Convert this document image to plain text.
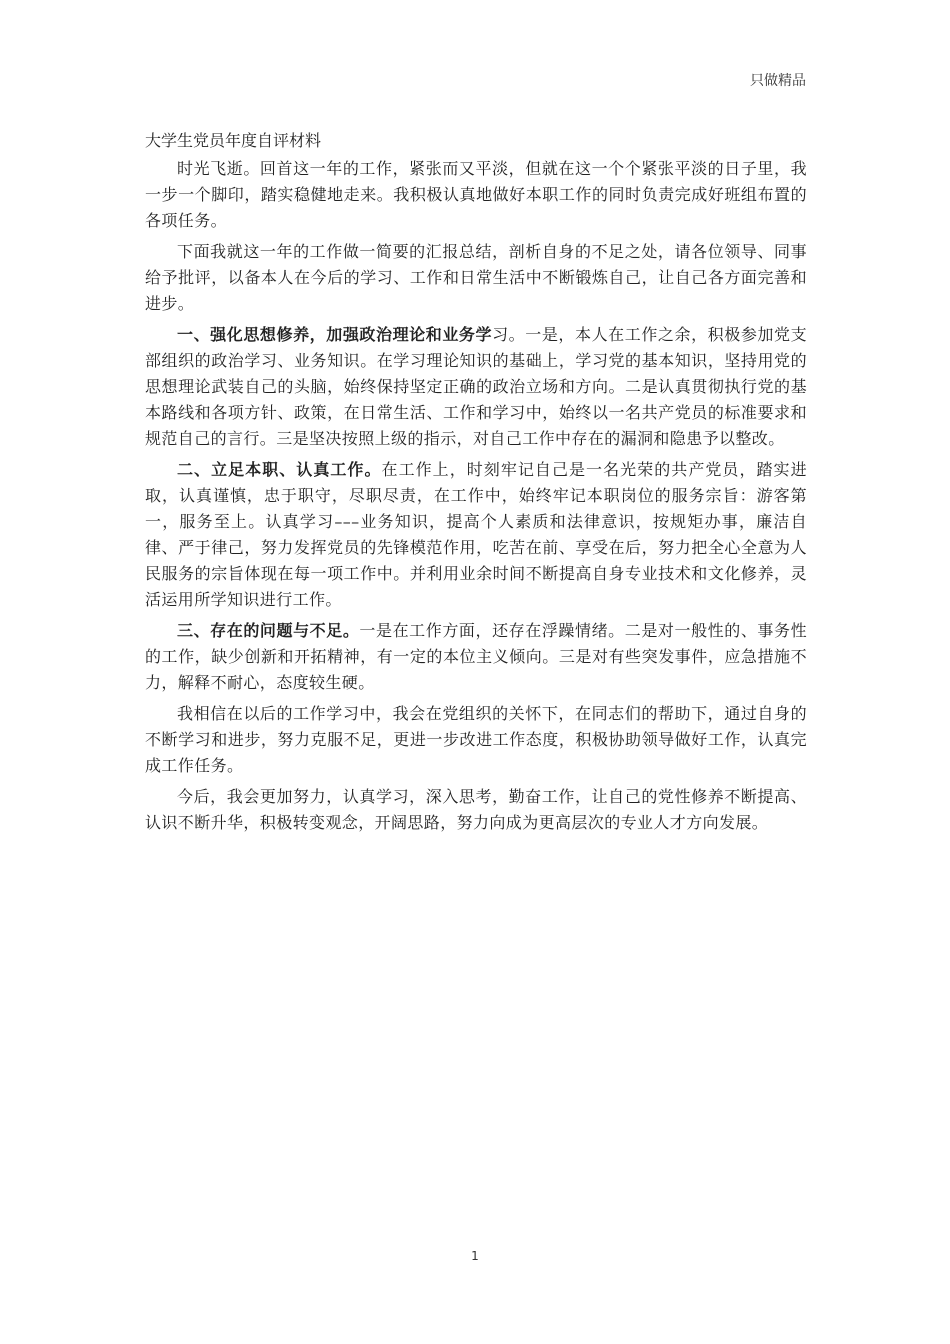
只做精品
大学生党员年度自评材料

时光飞逝。回首这一年的工作，紧张而又平淡，但就在这一个个紧张平淡的日子里，我一步一个脚印，踏实稳健地走来。我积极认真地做好本职工作的同时负责完成好班组布置的各项任务。

下面我就这一年的工作做一简要的汇报总结，剖析自身的不足之处，请各位领导、同事给予批评，以备本人在今后的学习、工作和日常生活中不断锻炼自己，让自己各方面完善和进步。

一、强化思想修养，加强政治理论和业务学习。一是，本人在工作之余，积极参加党支部组织的政治学习、业务知识。在学习理论知识的基础上，学习党的基本知识，坚持用党的思想理论武装自己的头脑，始终保持坚定正确的政治立场和方向。二是认真贯彻执行党的基本路线和各项方针、政策，在日常生活、工作和学习中，始终以一名共产党员的标准要求和规范自己的言行。三是坚决按照上级的指示，对自己工作中存在的漏洞和隐患予以整改。

二、立足本职、认真工作。在工作上，时刻牢记自己是一名光荣的共产党员，踏实进取，认真谨慎，忠于职守，尽职尽责，在工作中，始终牢记本职岗位的服务宗旨：游客第一，服务至上。认真学习–––业务知识，提高个人素质和法律意识，按规矩办事，廉洁自律、严于律己，努力发挥党员的先锋模范作用，吃苦在前、享受在后，努力把全心全意为人民服务的宗旨体现在每一项工作中。并利用业余时间不断提高自身专业技术和文化修养，灵活运用所学知识进行工作。

三、存在的问题与不足。一是在工作方面，还存在浮躁情绪。二是对一般性的、事务性的工作，缺少创新和开拓精神，有一定的本位主义倾向。三是对有些突发事件，应急措施不力，解释不耐心，态度较生硬。

我相信在以后的工作学习中，我会在党组织的关怀下，在同志们的帮助下，通过自身的不断学习和进步，努力克服不足，更进一步改进工作态度，积极协助领导做好工作，认真完成工作任务。

今后，我会更加努力，认真学习，深入思考，勤奋工作，让自己的党性修养不断提高、认识不断升华，积极转变观念，开阔思路，努力向成为更高层次的专业人才方向发展。

1
